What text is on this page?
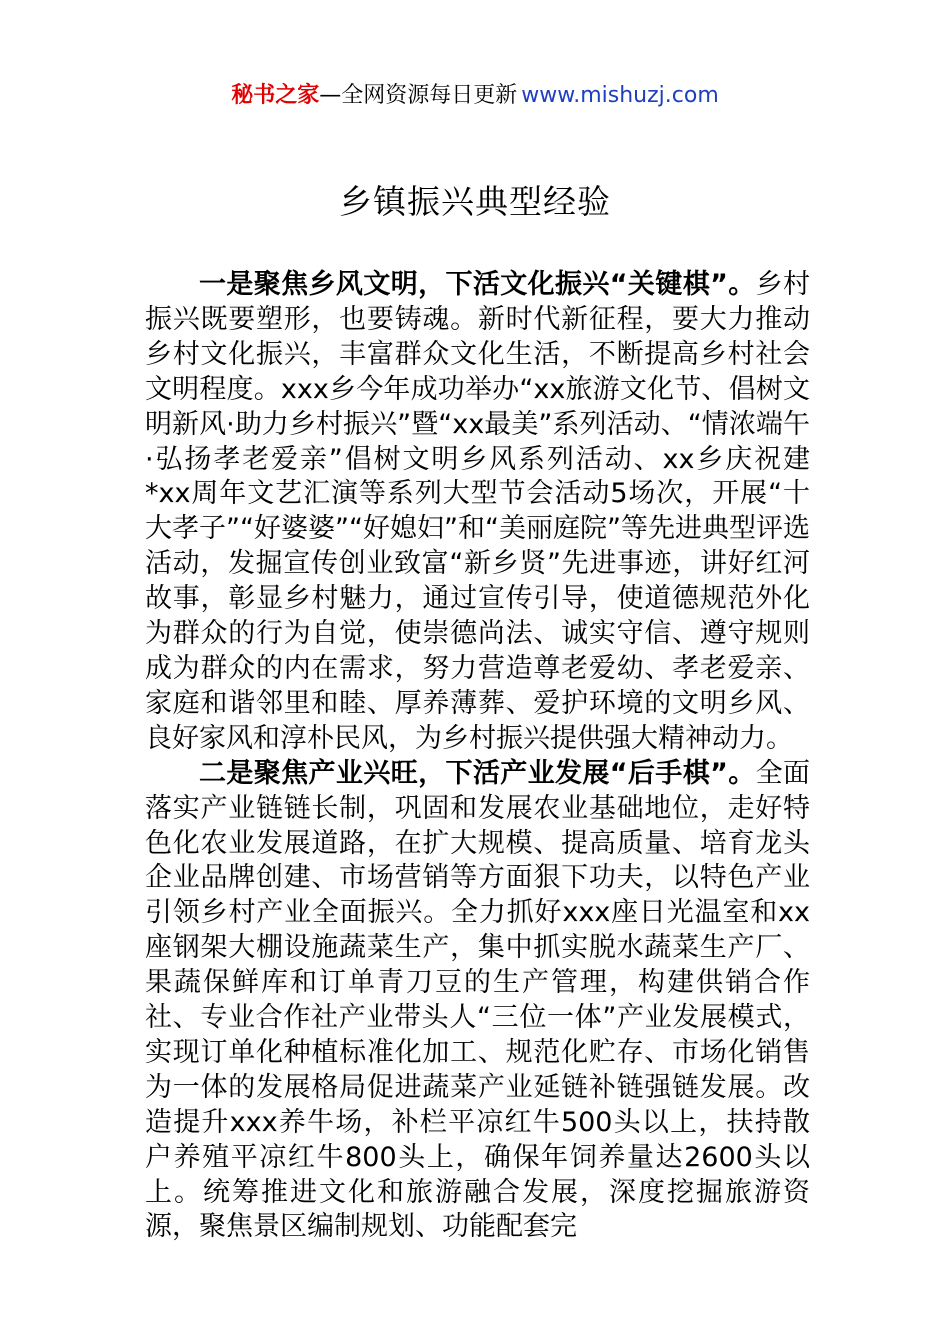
秘书之家—全网资源每日更新 www.mishuzj.com
乡镇振兴典型经验

一是聚焦乡风文明，下活文化振兴“关键棋”。乡村振兴既要塑形，也要铸魂。新时代新征程，要大力推动乡村文化振兴，丰富群众文化生活，不断提高乡村社会文明程度。xxx乡今年成功举办“xx旅游文化节、倡树文明新风·助力乡村振兴”暨“xx最美”系列活动、“情浓端午·弘扬孝老爱亲”倡树文明乡风系列活动、xx乡庆祝建*xx周年文艺汇演等系列大型节会活动5场次，开展“十大孝子”“好婆婆”“好媳妇”和“美丽庭院”等先进典型评选活动，发掘宣传创业致富“新乡贤”先进事迹，讲好红河故事，彰显乡村魅力，通过宣传引导，使道德规范外化为群众的行为自觉，使崇德尚法、诚实守信、遵守规则成为群众的内在需求，努力营造尊老爱幼、孝老爱亲、家庭和谐邻里和睦、厚养薄葬、爱护环境的文明乡风、良好家风和淳朴民风，为乡村振兴提供强大精神动力。

二是聚焦产业兴旺，下活产业发展“后手棋”。全面落实产业链链长制，巩固和发展农业基础地位，走好特色化农业发展道路，在扩大规模、提高质量、培育龙头企业品牌创建、市场营销等方面狠下功夫，以特色产业引领乡村产业全面振兴。全力抓好xxx座日光温室和xx座钢架大棚设施蔬菜生产，集中抓实脱水蔬菜生产厂、果蔬保鲜库和订单青刀豆的生产管理，构建供销合作社、专业合作社产业带头人“三位一体”产业发展模式，实现订单化种植标准化加工、规范化贮存、市场化销售为一体的发展格局促进蔬菜产业延链补链强链发展。改造提升xxx养牛场，补栏平凉红牛500头以上，扶持散户养殖平凉红牛800头上，确保年饲养量达2600头以上。统筹推进文化和旅游融合发展，深度挖掘旅游资源，聚焦景区编制规划、功能配套完
